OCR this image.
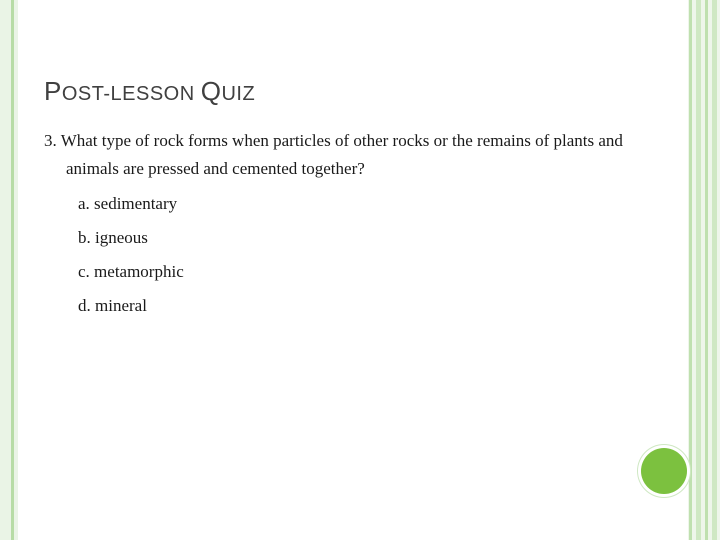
POST-LESSON QUIZ
3. What type of rock forms when particles of other rocks or the remains of plants and animals are pressed and cemented together?
a. sedimentary
b. igneous
c. metamorphic
d. mineral
